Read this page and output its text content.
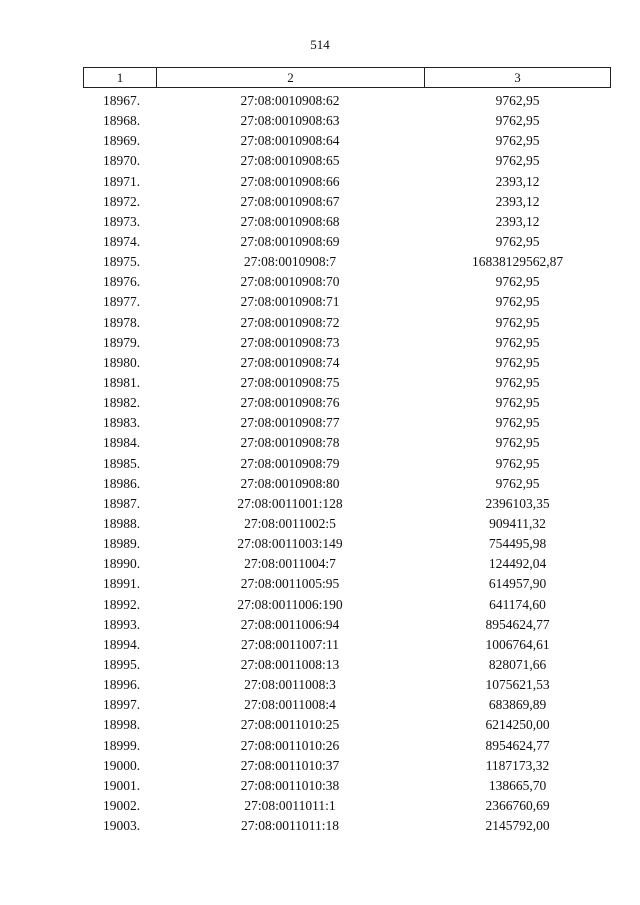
514
1	2	3
18967.	27:08:0010908:62	9762,95
18968.	27:08:0010908:63	9762,95
18969.	27:08:0010908:64	9762,95
18970.	27:08:0010908:65	9762,95
18971.	27:08:0010908:66	2393,12
18972.	27:08:0010908:67	2393,12
18973.	27:08:0010908:68	2393,12
18974.	27:08:0010908:69	9762,95
18975.	27:08:0010908:7	16838129562,87
18976.	27:08:0010908:70	9762,95
18977.	27:08:0010908:71	9762,95
18978.	27:08:0010908:72	9762,95
18979.	27:08:0010908:73	9762,95
18980.	27:08:0010908:74	9762,95
18981.	27:08:0010908:75	9762,95
18982.	27:08:0010908:76	9762,95
18983.	27:08:0010908:77	9762,95
18984.	27:08:0010908:78	9762,95
18985.	27:08:0010908:79	9762,95
18986.	27:08:0010908:80	9762,95
18987.	27:08:0011001:128	2396103,35
18988.	27:08:0011002:5	909411,32
18989.	27:08:0011003:149	754495,98
18990.	27:08:0011004:7	124492,04
18991.	27:08:0011005:95	614957,90
18992.	27:08:0011006:190	641174,60
18993.	27:08:0011006:94	8954624,77
18994.	27:08:0011007:11	1006764,61
18995.	27:08:0011008:13	828071,66
18996.	27:08:0011008:3	1075621,53
18997.	27:08:0011008:4	683869,89
18998.	27:08:0011010:25	6214250,00
18999.	27:08:0011010:26	8954624,77
19000.	27:08:0011010:37	1187173,32
19001.	27:08:0011010:38	138665,70
19002.	27:08:0011011:1	2366760,69
19003.	27:08:0011011:18	2145792,00
